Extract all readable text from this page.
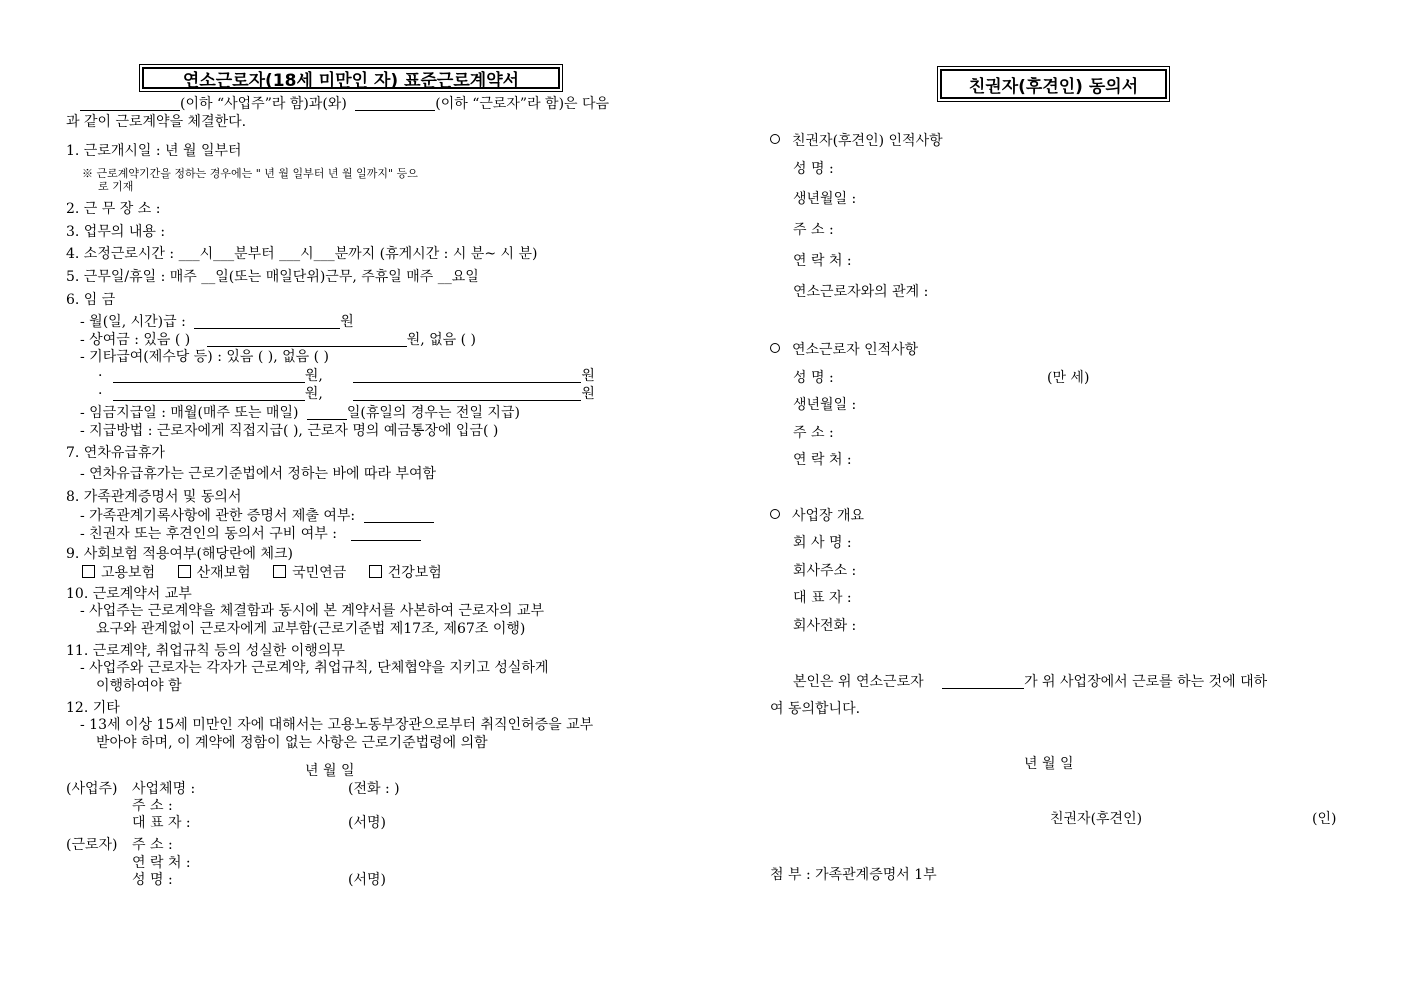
연소근로자(18세 미만인 자) 표준근로계약서
(이하 “사업주”라 함)과(와)	(이하 “근로자”라 함)은 다음
과 같이 근로계약을 체결한다.
1. 근로개시일 : 년 월 일부터
※ 근로계약기간을 정하는 경우에는 " 년 월 일부터 년 월 일까지" 등으
로 기재
2. 근 무 장 소 :
3. 업무의 내용 :
4. 소정근로시간 : ___시___분부터 ___시___분까지 (휴게시간 : 시 분~ 시 분)
5. 근무일/휴일 : 매주 __일(또는 매일단위)근무, 주휴일 매주 __요일
6. 임 금
- 월(일, 시간)급 :	원
- 상여금 : 있음 ( )	원, 없음 ( )
- 기타급여(제수당 등) : 있음 ( ), 없음 ( )
·	원,	원
·	원,	원
- 임금지급일 : 매월(매주 또는 매일)	일(휴일의 경우는 전일 지급)
- 지급방법 : 근로자에게 직접지급( ), 근로자 명의 예금통장에 입금( )
7. 연차유급휴가
- 연차유급휴가는 근로기준법에서 정하는 바에 따라 부여함
8. 가족관계증명서 및 동의서
- 가족관계기록사항에 관한 증명서 제출 여부:
- 친권자 또는 후견인의 동의서 구비 여부 :
9. 사회보험 적용여부(해당란에 체크)
고용보험	산재보험	국민연금	건강보험
10. 근로계약서 교부
- 사업주는 근로계약을 체결함과 동시에 본 계약서를 사본하여 근로자의 교부
요구와 관계없이 근로자에게 교부함(근로기준법 제17조, 제67조 이행)
11. 근로계약, 취업규칙 등의 성실한 이행의무
- 사업주와 근로자는 각자가 근로계약, 취업규칙, 단체협약을 지키고 성실하게
이행하여야 함
12. 기타
- 13세 이상 15세 미만인 자에 대해서는 고용노동부장관으로부터 취직인허증을 교부
받아야 하며, 이 계약에 정함이 없는 사항은 근로기준법령에 의함
년 월 일
(사업주) 사업체명 :	(전화 : )
주 소 :
대 표 자 :	(서명)
(근로자) 주 소 :
연 락 처 :
성 명 :	(서명)
친권자(후견인) 동의서
친권자(후견인) 인적사항
성 명 :
생년월일 :
주 소 :
연 락 처 :
연소근로자와의 관계 :
연소근로자 인적사항
성 명 :	(만 세)
생년월일 :
주 소 :
연 락 처 :
사업장 개요
회 사 명 :
회사주소 :
대 표 자 :
회사전화 :
본인은 위 연소근로자	가 위 사업장에서 근로를 하는 것에 대하
여 동의합니다.
년 월 일
친권자(후견인)	(인)
첨 부 : 가족관계증명서 1부
